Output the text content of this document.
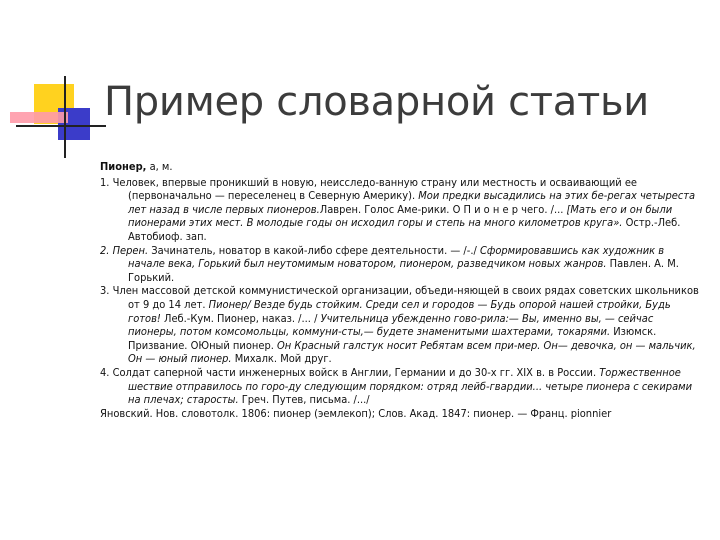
Пример словарной статьи

Пионер, а, м.

1. Человек, впервые проникший в новую, неисследо-ванную страну или местность и осваивающий ее (первоначально — переселенец в Северную Америку). Мои предки высадились на этих бе-регах четыреста лет назад в числе первых пионеров.Лаврен. Голос Аме-рики. О П и о н е р чего. /... [Мать его и он были пионерами этих мест. В молодые годы он исходил горы и степь на много километров круга». Остр.-Леб. Автобиоф. зап.

2. Перен. Зачинатель, новатор в какой-либо сфере деятельности. — /-./ Сформировавшись как художник в начале века, Горький был неутомимым новатором, пионером, разведчиком новых жанров. Павлен. А. М. Горький.

3. Член массовой детской коммунистической организации, объеди-няющей в своих рядах советских школьников от 9 до 14 лет. Пионер/ Везде будь стойким. Среди сел и городов — Будь опорой нашей стройки, Будь готов! Леб.-Кум. Пионер, наказ. /... / Учительница убежденно гово-рила:— Вы, именно вы, — сейчас пионеры, потом комсомольцы, коммуни-сты,— будете знаменитыми шахтерами, токарями. Изюмск. Призвание. ОЮный пионер. Он Красный галстук носит Ребятам всем при-мер. Он— девочка, он — мальчик, Он — юный пионер. Михалк. Мой друг.

4. Солдат саперной части инженерных войск в Англии, Германии и до 30-х гг. XIX в. в России. Торжественное шествие отправилось по горо-ду следующим порядком: отряд лейб-гвардии... четыре пионера с секирами на плечах; старосты. Греч. Путев, письма. /.../

Яновский. Нов. словотолк. 1806: пионер (эемлекоп); Слов. Акад. 1847: пионер. — Франц. pionnier
